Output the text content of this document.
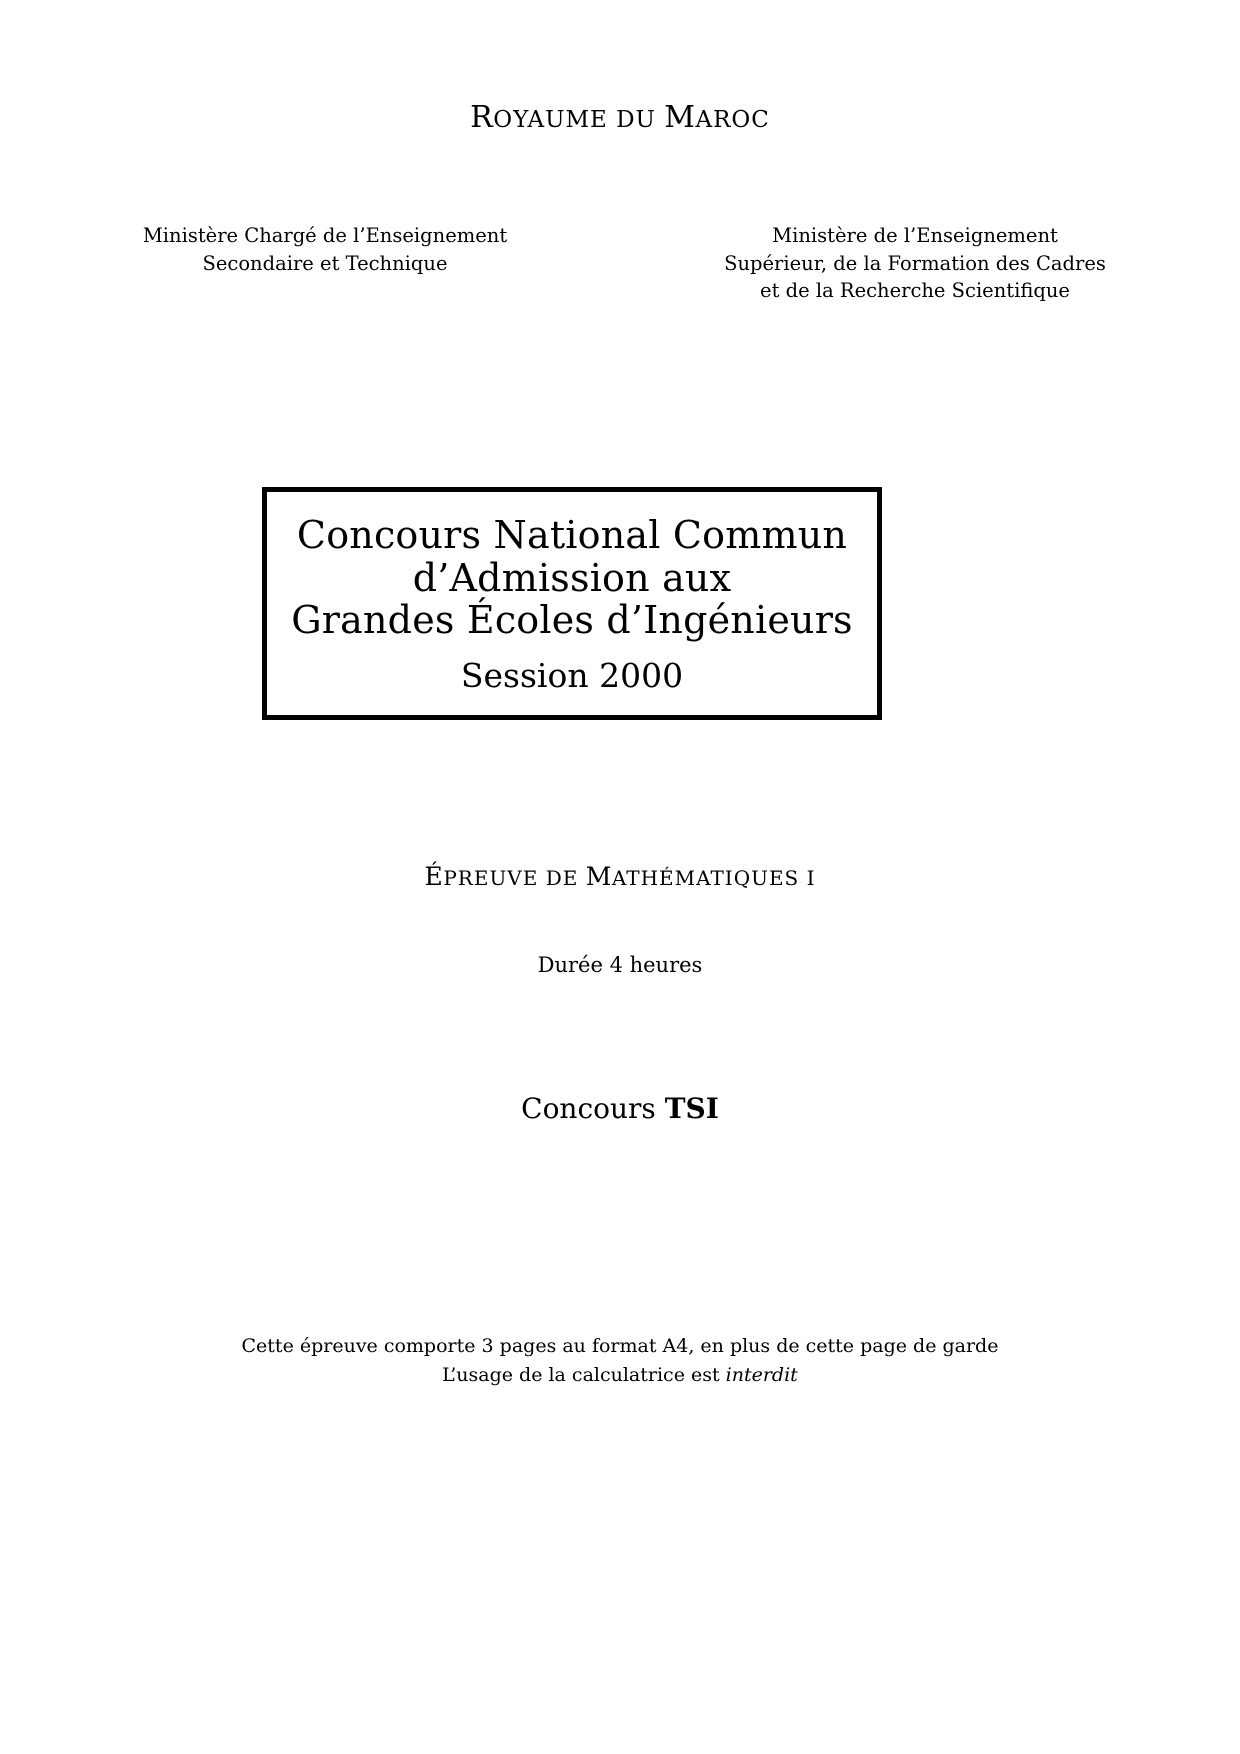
ROYAUME DU MAROC
Ministère Chargé de l’Enseignement
Secondaire et Technique
Ministère de l’Enseignement
Supérieur, de la Formation des Cadres
et de la Recherche Scientifique
Concours National Commun
d’Admission aux
Grandes Écoles d’Ingénieurs
Session 2000
ÉPREUVE DE MATHÉMATIQUES I
Durée 4 heures
Concours TSI
Cette épreuve comporte 3 pages au format A4, en plus de cette page de garde
L’usage de la calculatrice est interdit
